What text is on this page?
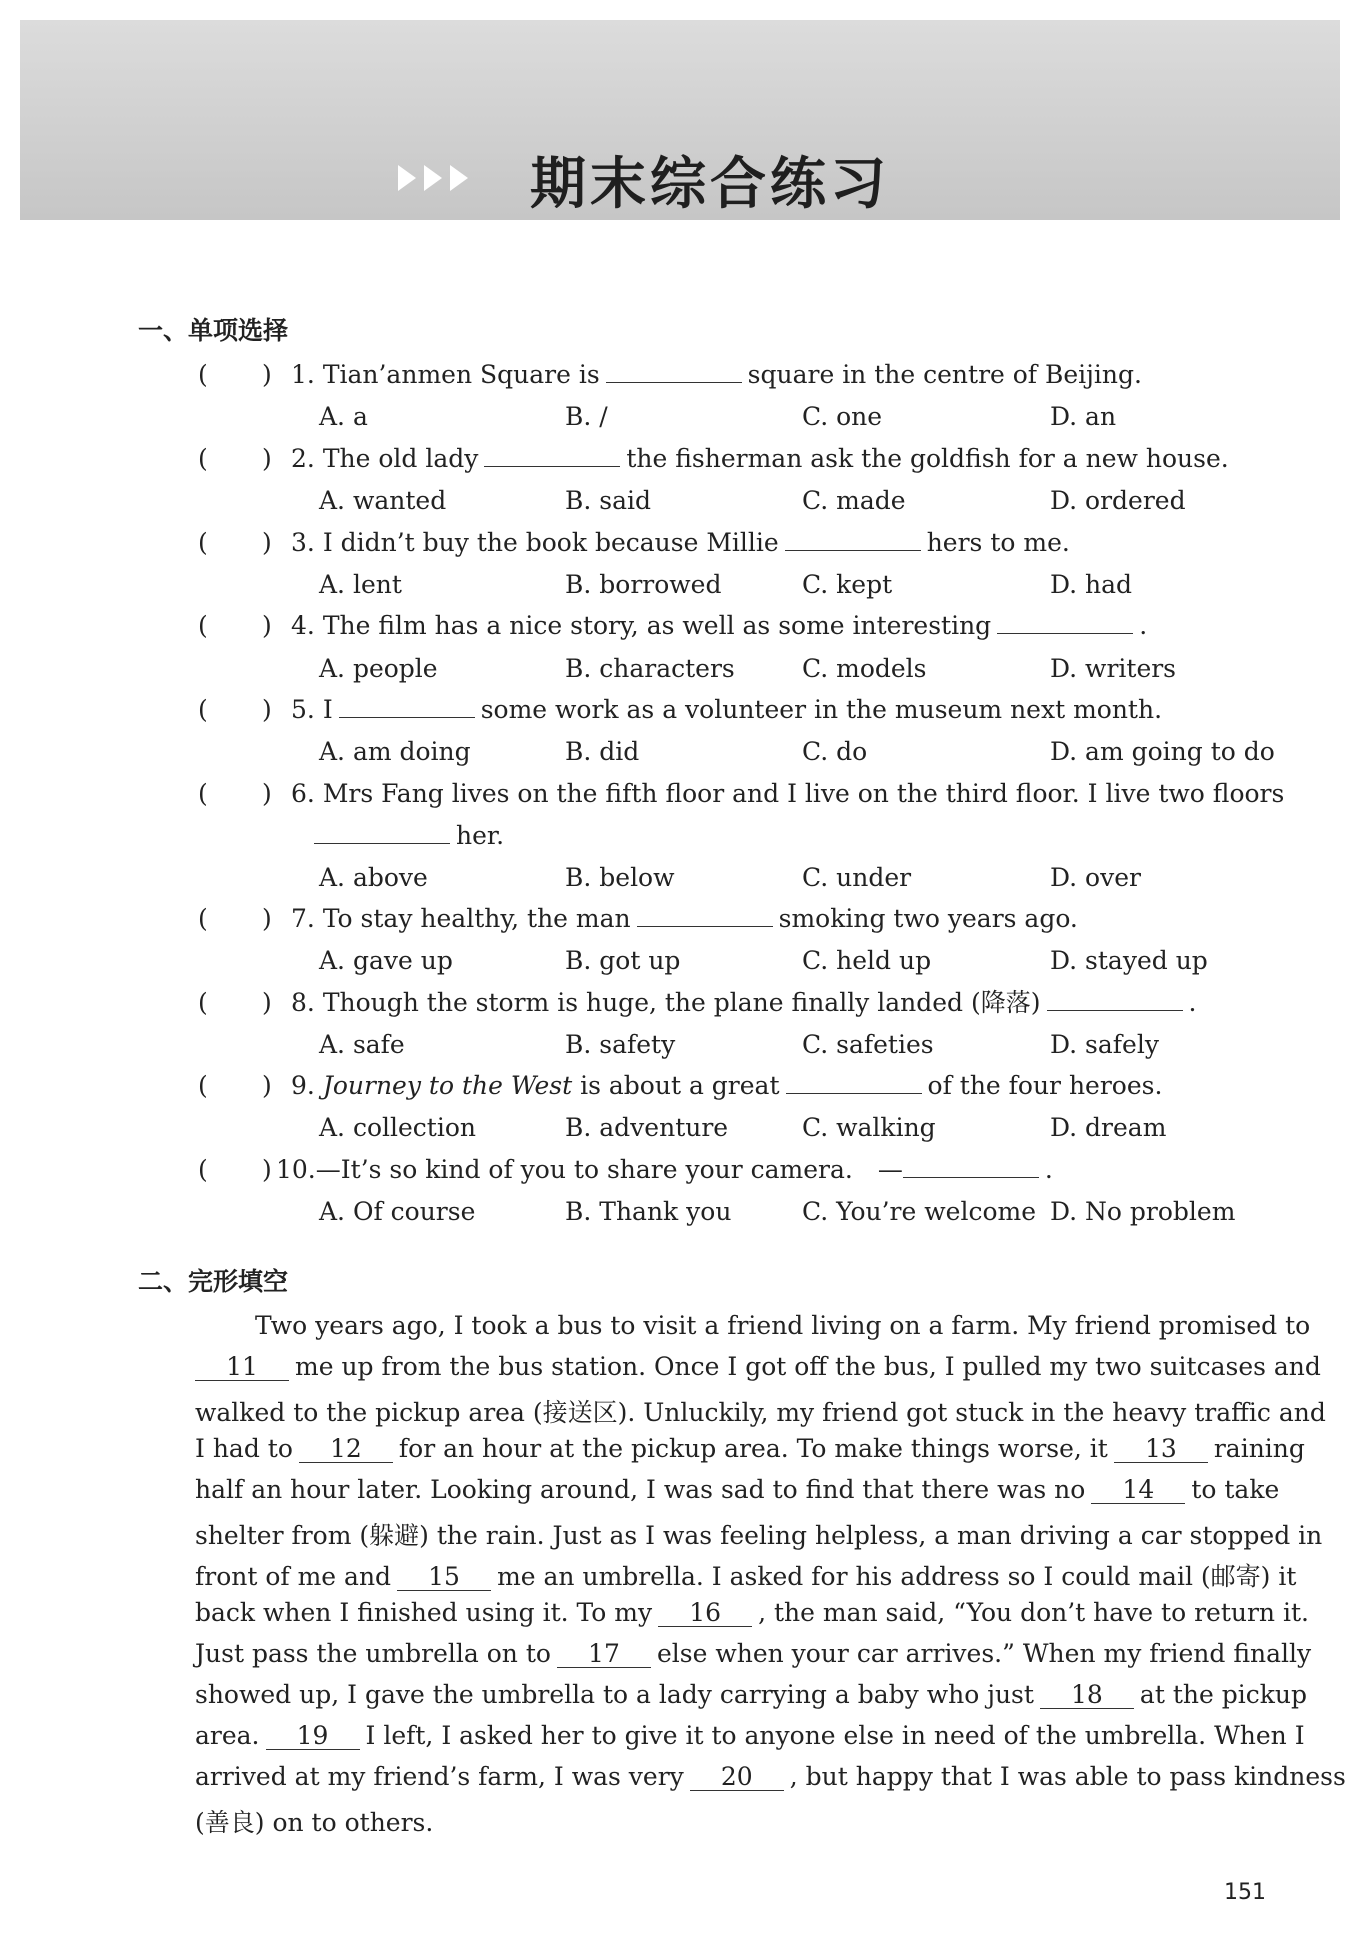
期末综合练习
一、单项选择
( ) 1. Tian’anmen Square is	square in the centre of Beijing.
A. a	B. /	C. one	D. an
( ) 2. The old lady	the fisherman ask the goldfish for a new house.
A. wanted	B. said	C. made	D. ordered
( ) 3. I didn’t buy the book because Millie	hers to me.
A. lent	B. borrowed	C. kept	D. had
( ) 4. The film has a nice story, as well as some interesting	.
A. people	B. characters	C. models	D. writers
( ) 5. I	some work as a volunteer in the museum next month.
A. am doing	B. did	C. do	D. am going to do
( ) 6. Mrs Fang lives on the fifth floor and I live on the third floor. I live two floors
her.
A. above	B. below	C. under	D. over
( ) 7. To stay healthy, the man	smoking two years ago.
A. gave up	B. got up	C. held up	D. stayed up
( ) 8. Though the storm is huge, the plane finally landed (降落)	.
A. safe	B. safety	C. safeties	D. safely
( ) 9. Journey to the West is about a great	of the four heroes.
A. collection	B. adventure	C. walking	D. dream
( ) 10.—It’s so kind of you to share your camera.　—	.
A. Of course	B. Thank you	C. You’re welcome D. No problem
二、完形填空
Two years ago, I took a bus to visit a friend living on a farm. My friend promised to
11 me up from the bus station. Once I got off the bus, I pulled my two suitcases and
walked to the pickup area (接送区). Unluckily, my friend got stuck in the heavy traffic and
I had to 12 for an hour at the pickup area. To make things worse, it 13 raining
half an hour later. Looking around, I was sad to find that there was no 14 to take
shelter from (躲避) the rain. Just as I was feeling helpless, a man driving a car stopped in
front of me and 15 me an umbrella. I asked for his address so I could mail (邮寄) it
back when I finished using it. To my 16 , the man said, “You don’t have to return it.
Just pass the umbrella on to 17 else when your car arrives.” When my friend finally
showed up, I gave the umbrella to a lady carrying a baby who just 18 at the pickup
area. 19 I left, I asked her to give it to anyone else in need of the umbrella. When I
arrived at my friend’s farm, I was very 20 , but happy that I was able to pass kindness
(善良) on to others.
151
